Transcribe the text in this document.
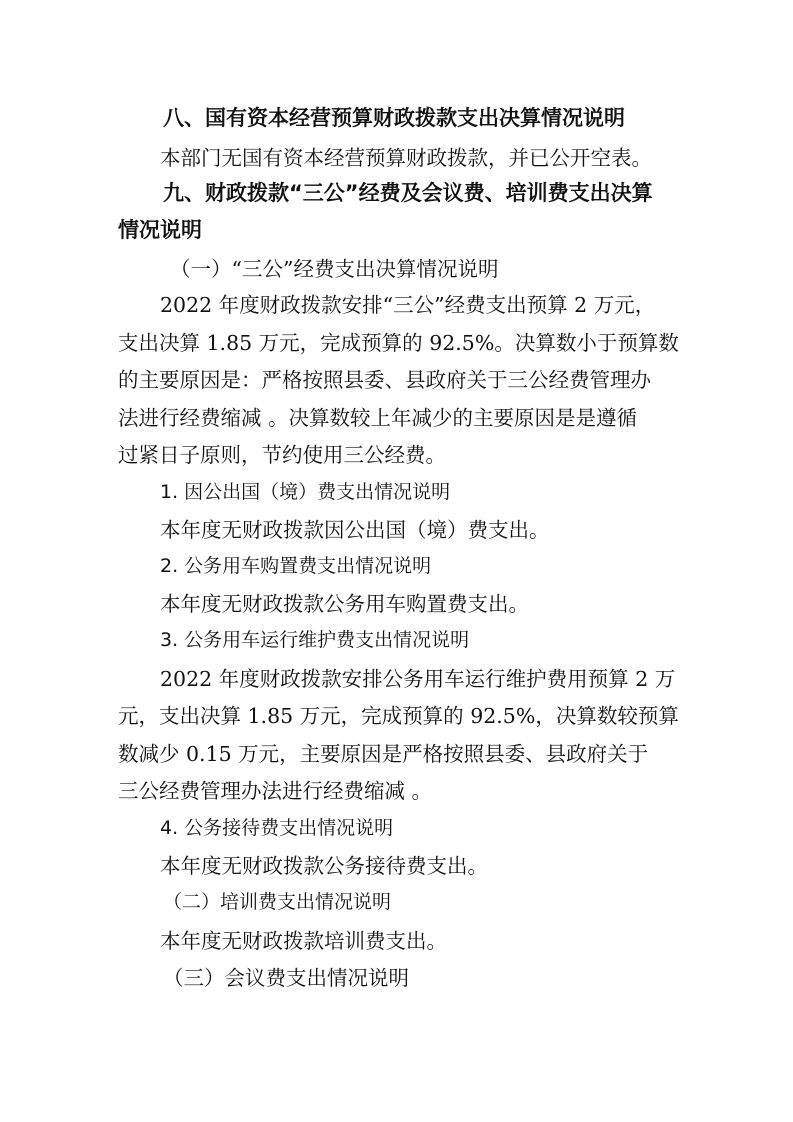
八、国有资本经营预算财政拨款支出决算情况说明
本部门无国有资本经营预算财政拨款，并已公开空表。
九、财政拨款“三公”经费及会议费、培训费支出决算
情况说明
（一）“三公”经费支出决算情况说明
2022 年度财政拨款安排“三公”经费支出预算 2 万元，
支出决算 1.85 万元，完成预算的 92.5%。决算数小于预算数
的主要原因是：严格按照县委、县政府关于三公经费管理办
法进行经费缩减 。决算数较上年减少的主要原因是是遵循
过紧日子原则，节约使用三公经费。
1. 因公出国（境）费支出情况说明
本年度无财政拨款因公出国（境）费支出。
2. 公务用车购置费支出情况说明
本年度无财政拨款公务用车购置费支出。
3. 公务用车运行维护费支出情况说明
2022 年度财政拨款安排公务用车运行维护费用预算 2 万
元，支出决算 1.85 万元，完成预算的 92.5%，决算数较预算
数减少 0.15 万元，主要原因是严格按照县委、县政府关于
三公经费管理办法进行经费缩减 。
4. 公务接待费支出情况说明
本年度无财政拨款公务接待费支出。
（二）培训费支出情况说明
本年度无财政拨款培训费支出。
（三）会议费支出情况说明
